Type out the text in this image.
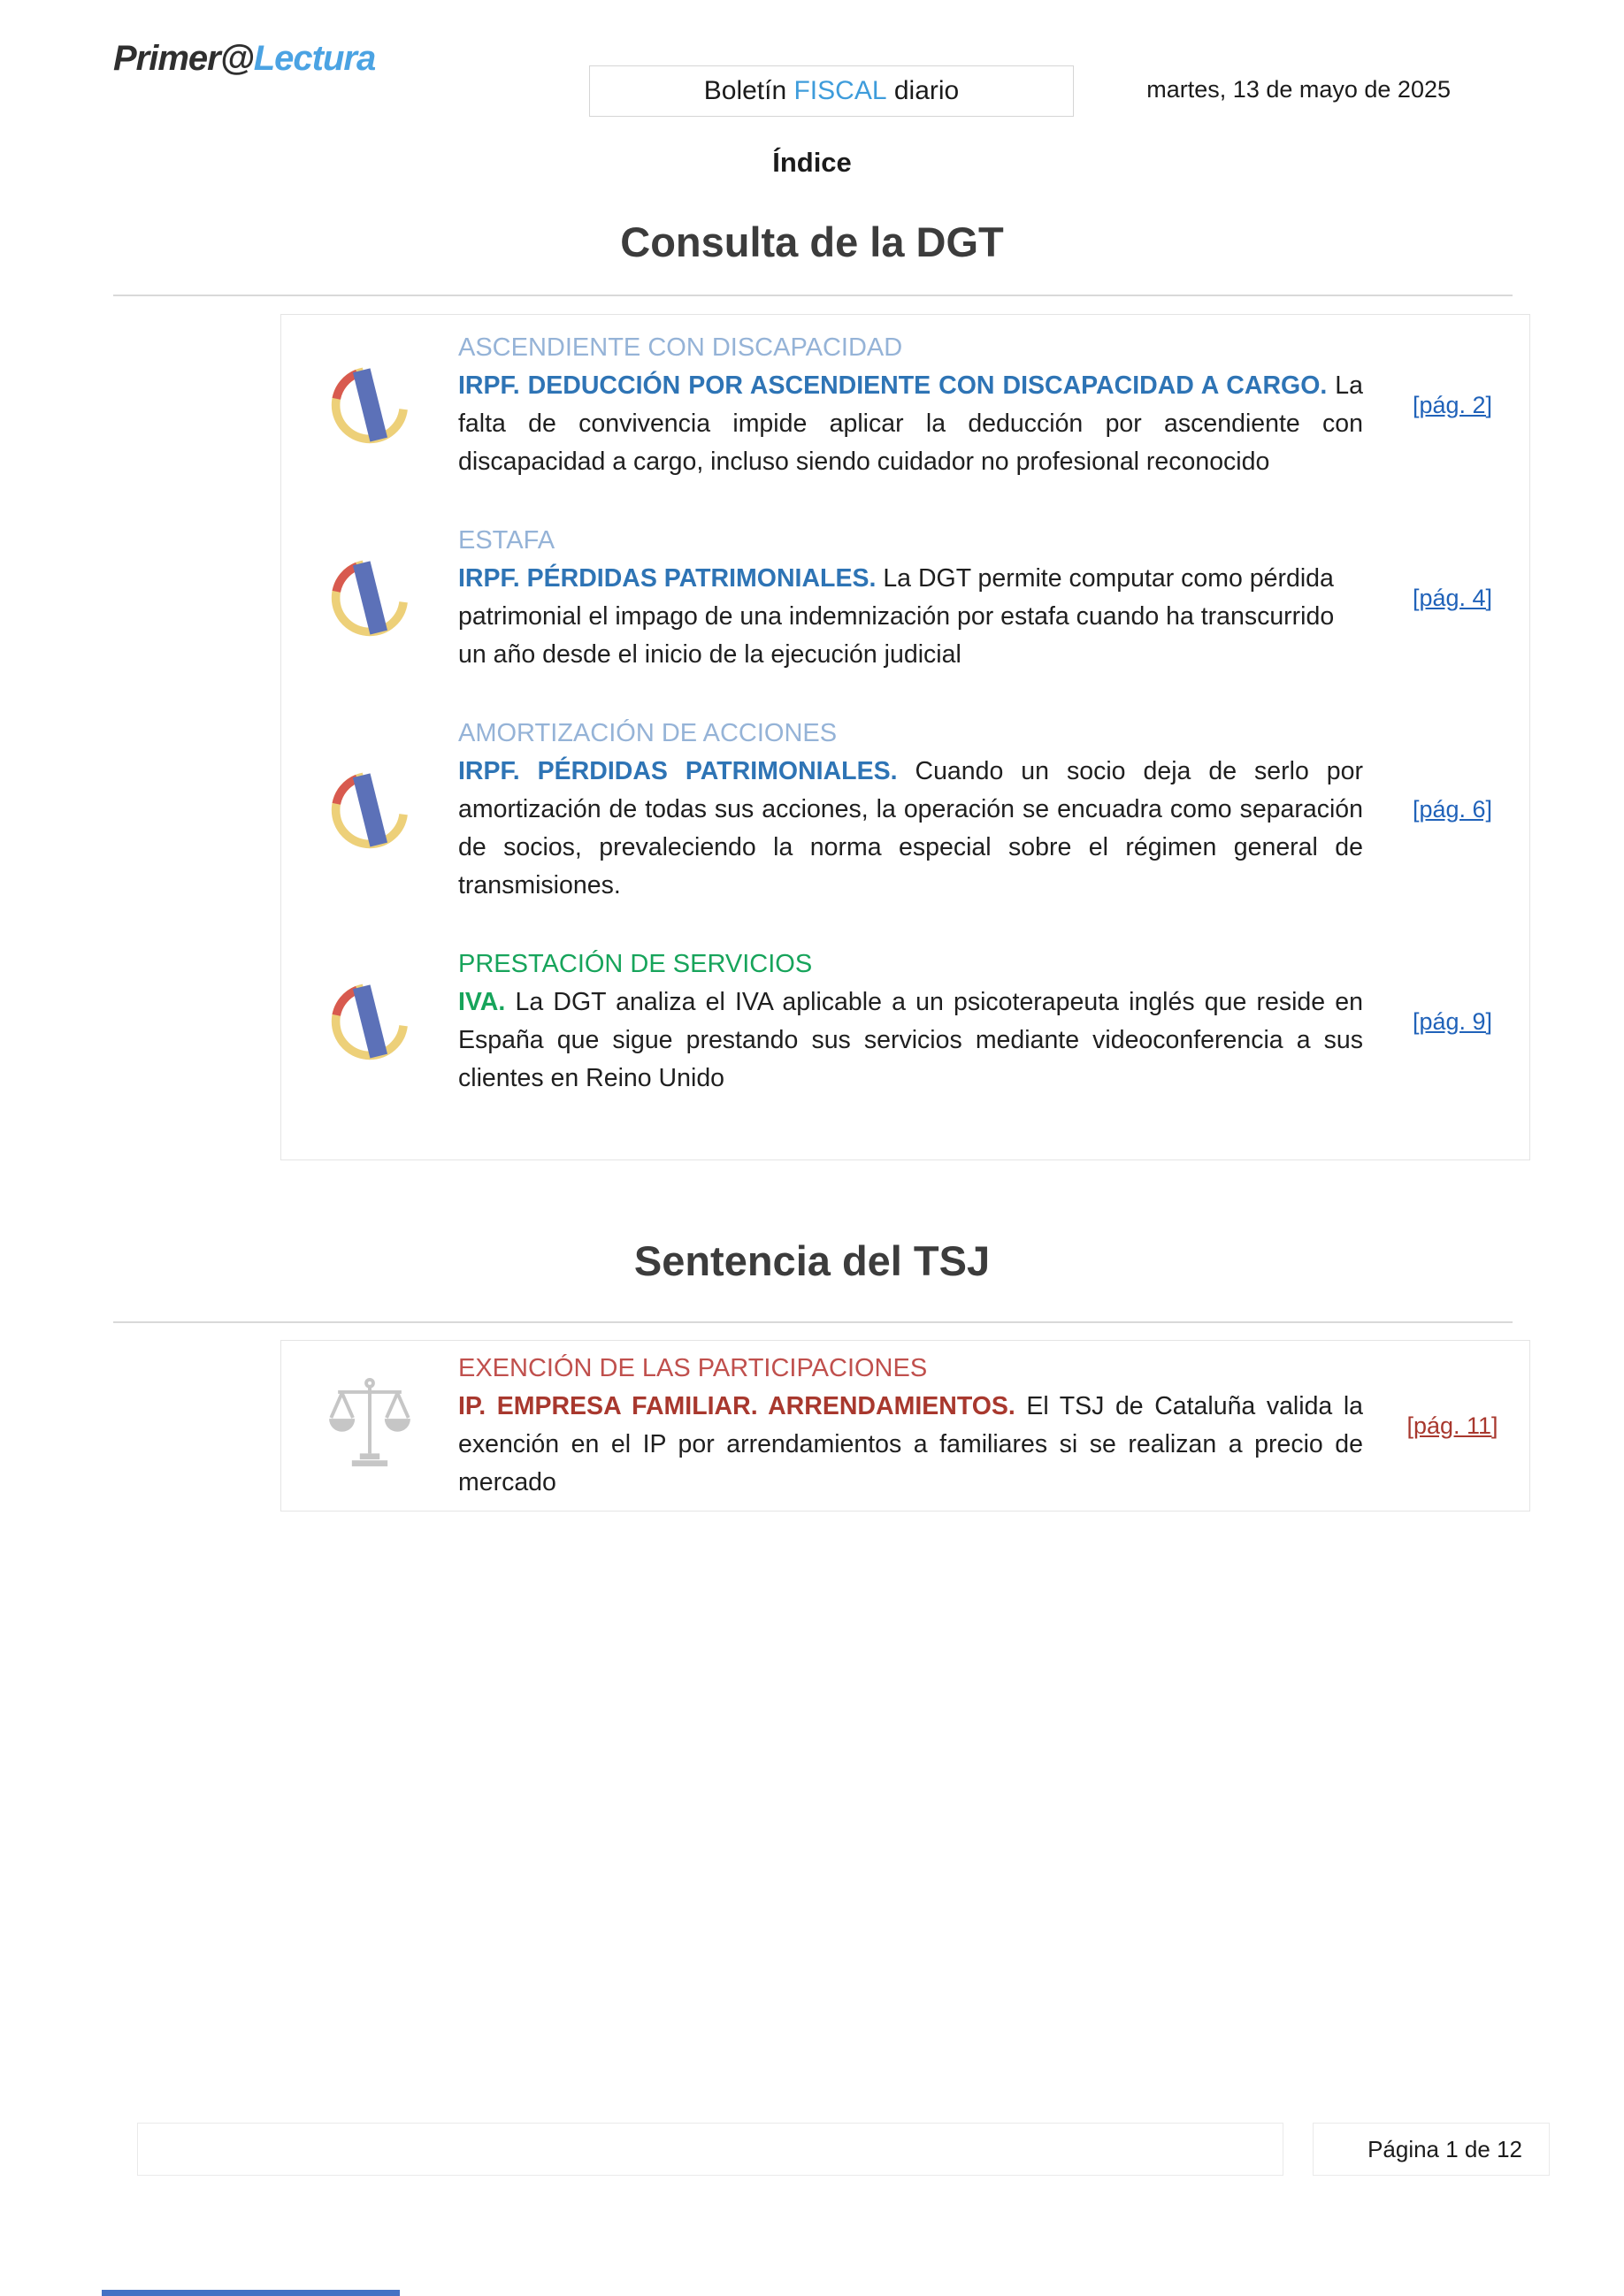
Primer@Lectura
Boletín FISCAL diario	martes, 13 de mayo de 2025
Índice
Consulta de la DGT
ASCENDIENTE CON DISCAPACIDAD

IRPF. DEDUCCIÓN POR ASCENDIENTE CON DISCAPACIDAD A CARGO. La falta de convivencia impide aplicar la deducción por ascendiente con discapacidad a cargo, incluso siendo cuidador no profesional reconocido

[pág. 2]
ESTAFA

IRPF. PÉRDIDAS PATRIMONIALES. La DGT permite computar como pérdida patrimonial el impago de una indemnización por estafa cuando ha transcurrido un año desde el inicio de la ejecución judicial

[pág. 4]
AMORTIZACIÓN DE ACCIONES

IRPF. PÉRDIDAS PATRIMONIALES. Cuando un socio deja de serlo por amortización de todas sus acciones, la operación se encuadra como separación de socios, prevaleciendo la norma especial sobre el régimen general de transmisiones.

[pág. 6]
PRESTACIÓN DE SERVICIOS

IVA. La DGT analiza el IVA aplicable a un psicoterapeuta inglés que reside en España que sigue prestando sus servicios mediante videoconferencia a sus clientes en Reino Unido

[pág. 9]
Sentencia del TSJ
EXENCIÓN DE LAS PARTICIPACIONES

IP. EMPRESA FAMILIAR. ARRENDAMIENTOS. El TSJ de Cataluña valida la exención en el IP por arrendamientos a familiares si se realizan a precio de mercado

[pág. 11]
Página 1 de 12
